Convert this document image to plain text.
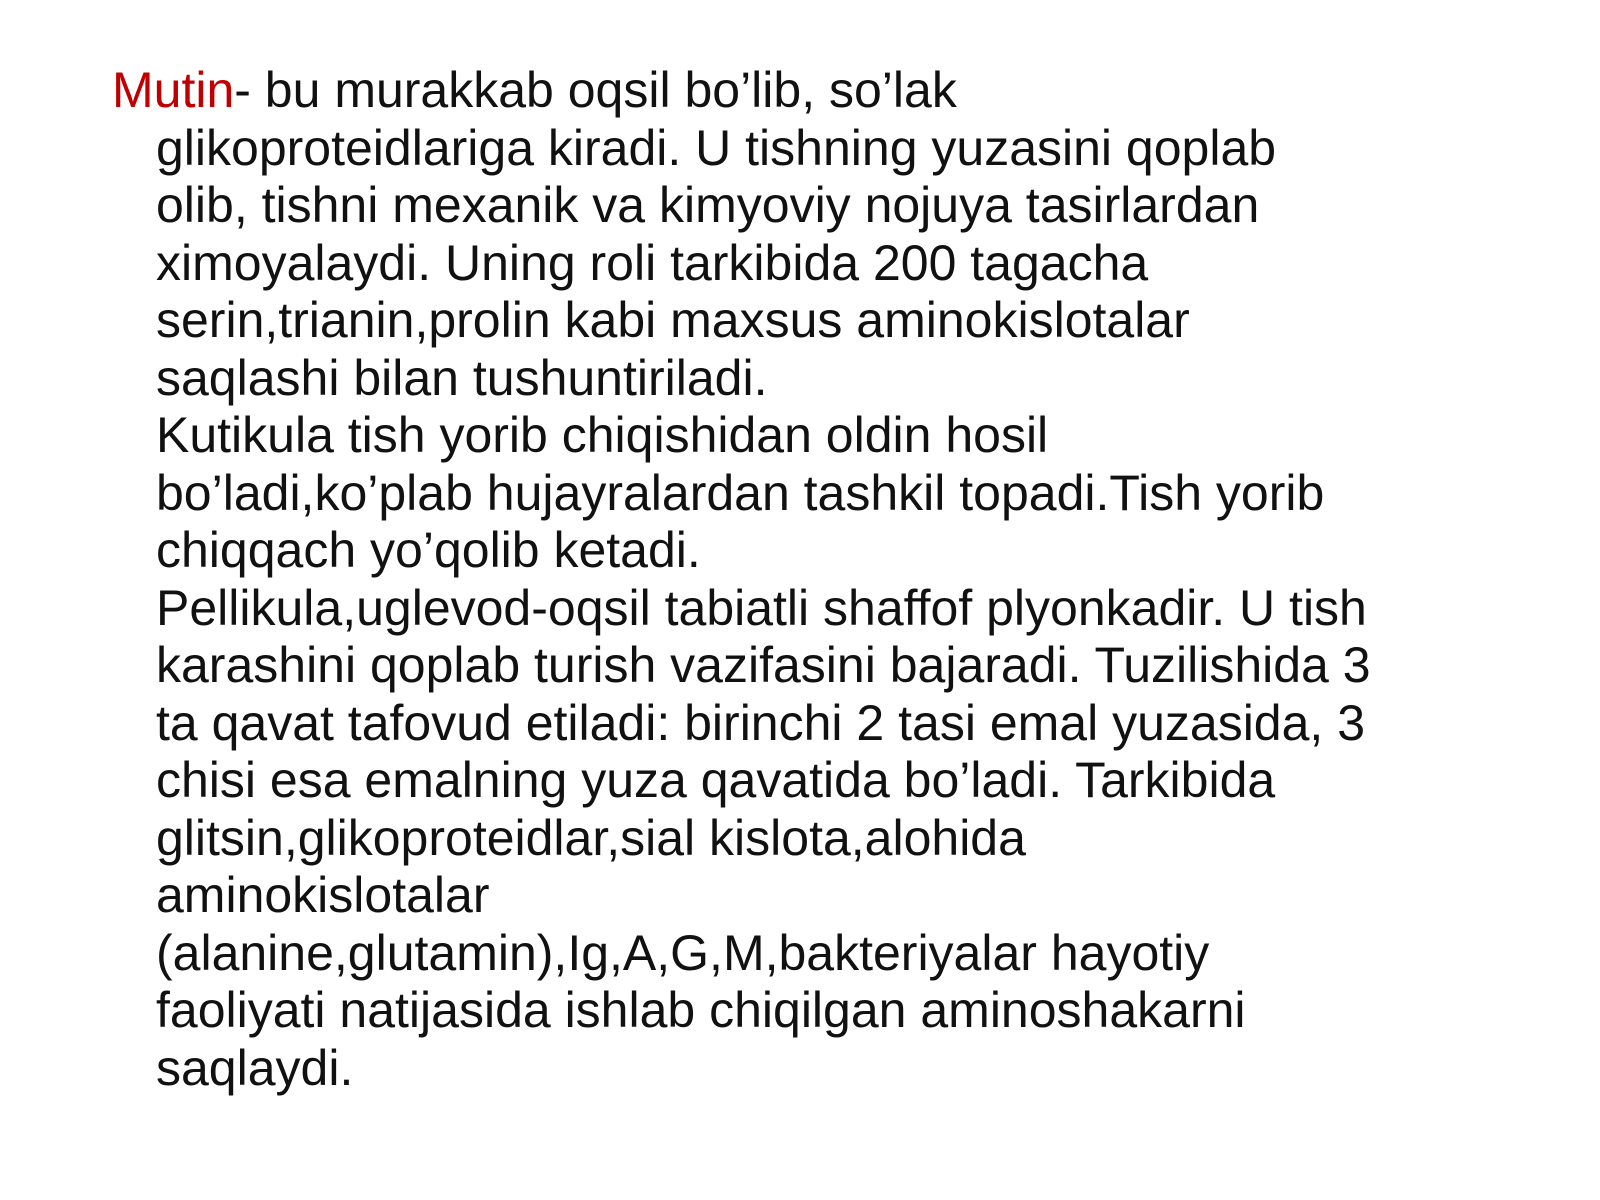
Mutin- bu murakkab oqsil bo’lib, so’lak
glikoproteidlariga kiradi. U tishning yuzasini qoplab
olib, tishni mexanik va kimyoviy nojuya tasirlardan
ximoyalaydi. Uning roli tarkibida 200 tagacha
serin,trianin,prolin kabi maxsus aminokislotalar
saqlashi bilan tushuntiriladi.
Kutikula tish yorib chiqishidan oldin hosil
bo’ladi,ko’plab hujayralardan tashkil topadi.Tish yorib
chiqqach yo’qolib ketadi.
Pellikula,uglevod-oqsil tabiatli shaffof plyonkadir. U tish
karashini qoplab turish vazifasini bajaradi. Tuzilishida 3
ta qavat tafovud etiladi: birinchi 2 tasi emal yuzasida, 3
chisi esa emalning yuza qavatida bo’ladi. Tarkibida
glitsin,glikoproteidlar,sial kislota,alohida
aminokislotalar
(alanine,glutamin),Ig,A,G,M,bakteriyalar hayotiy
faoliyati natijasida ishlab chiqilgan aminoshakarni
saqlaydi.
